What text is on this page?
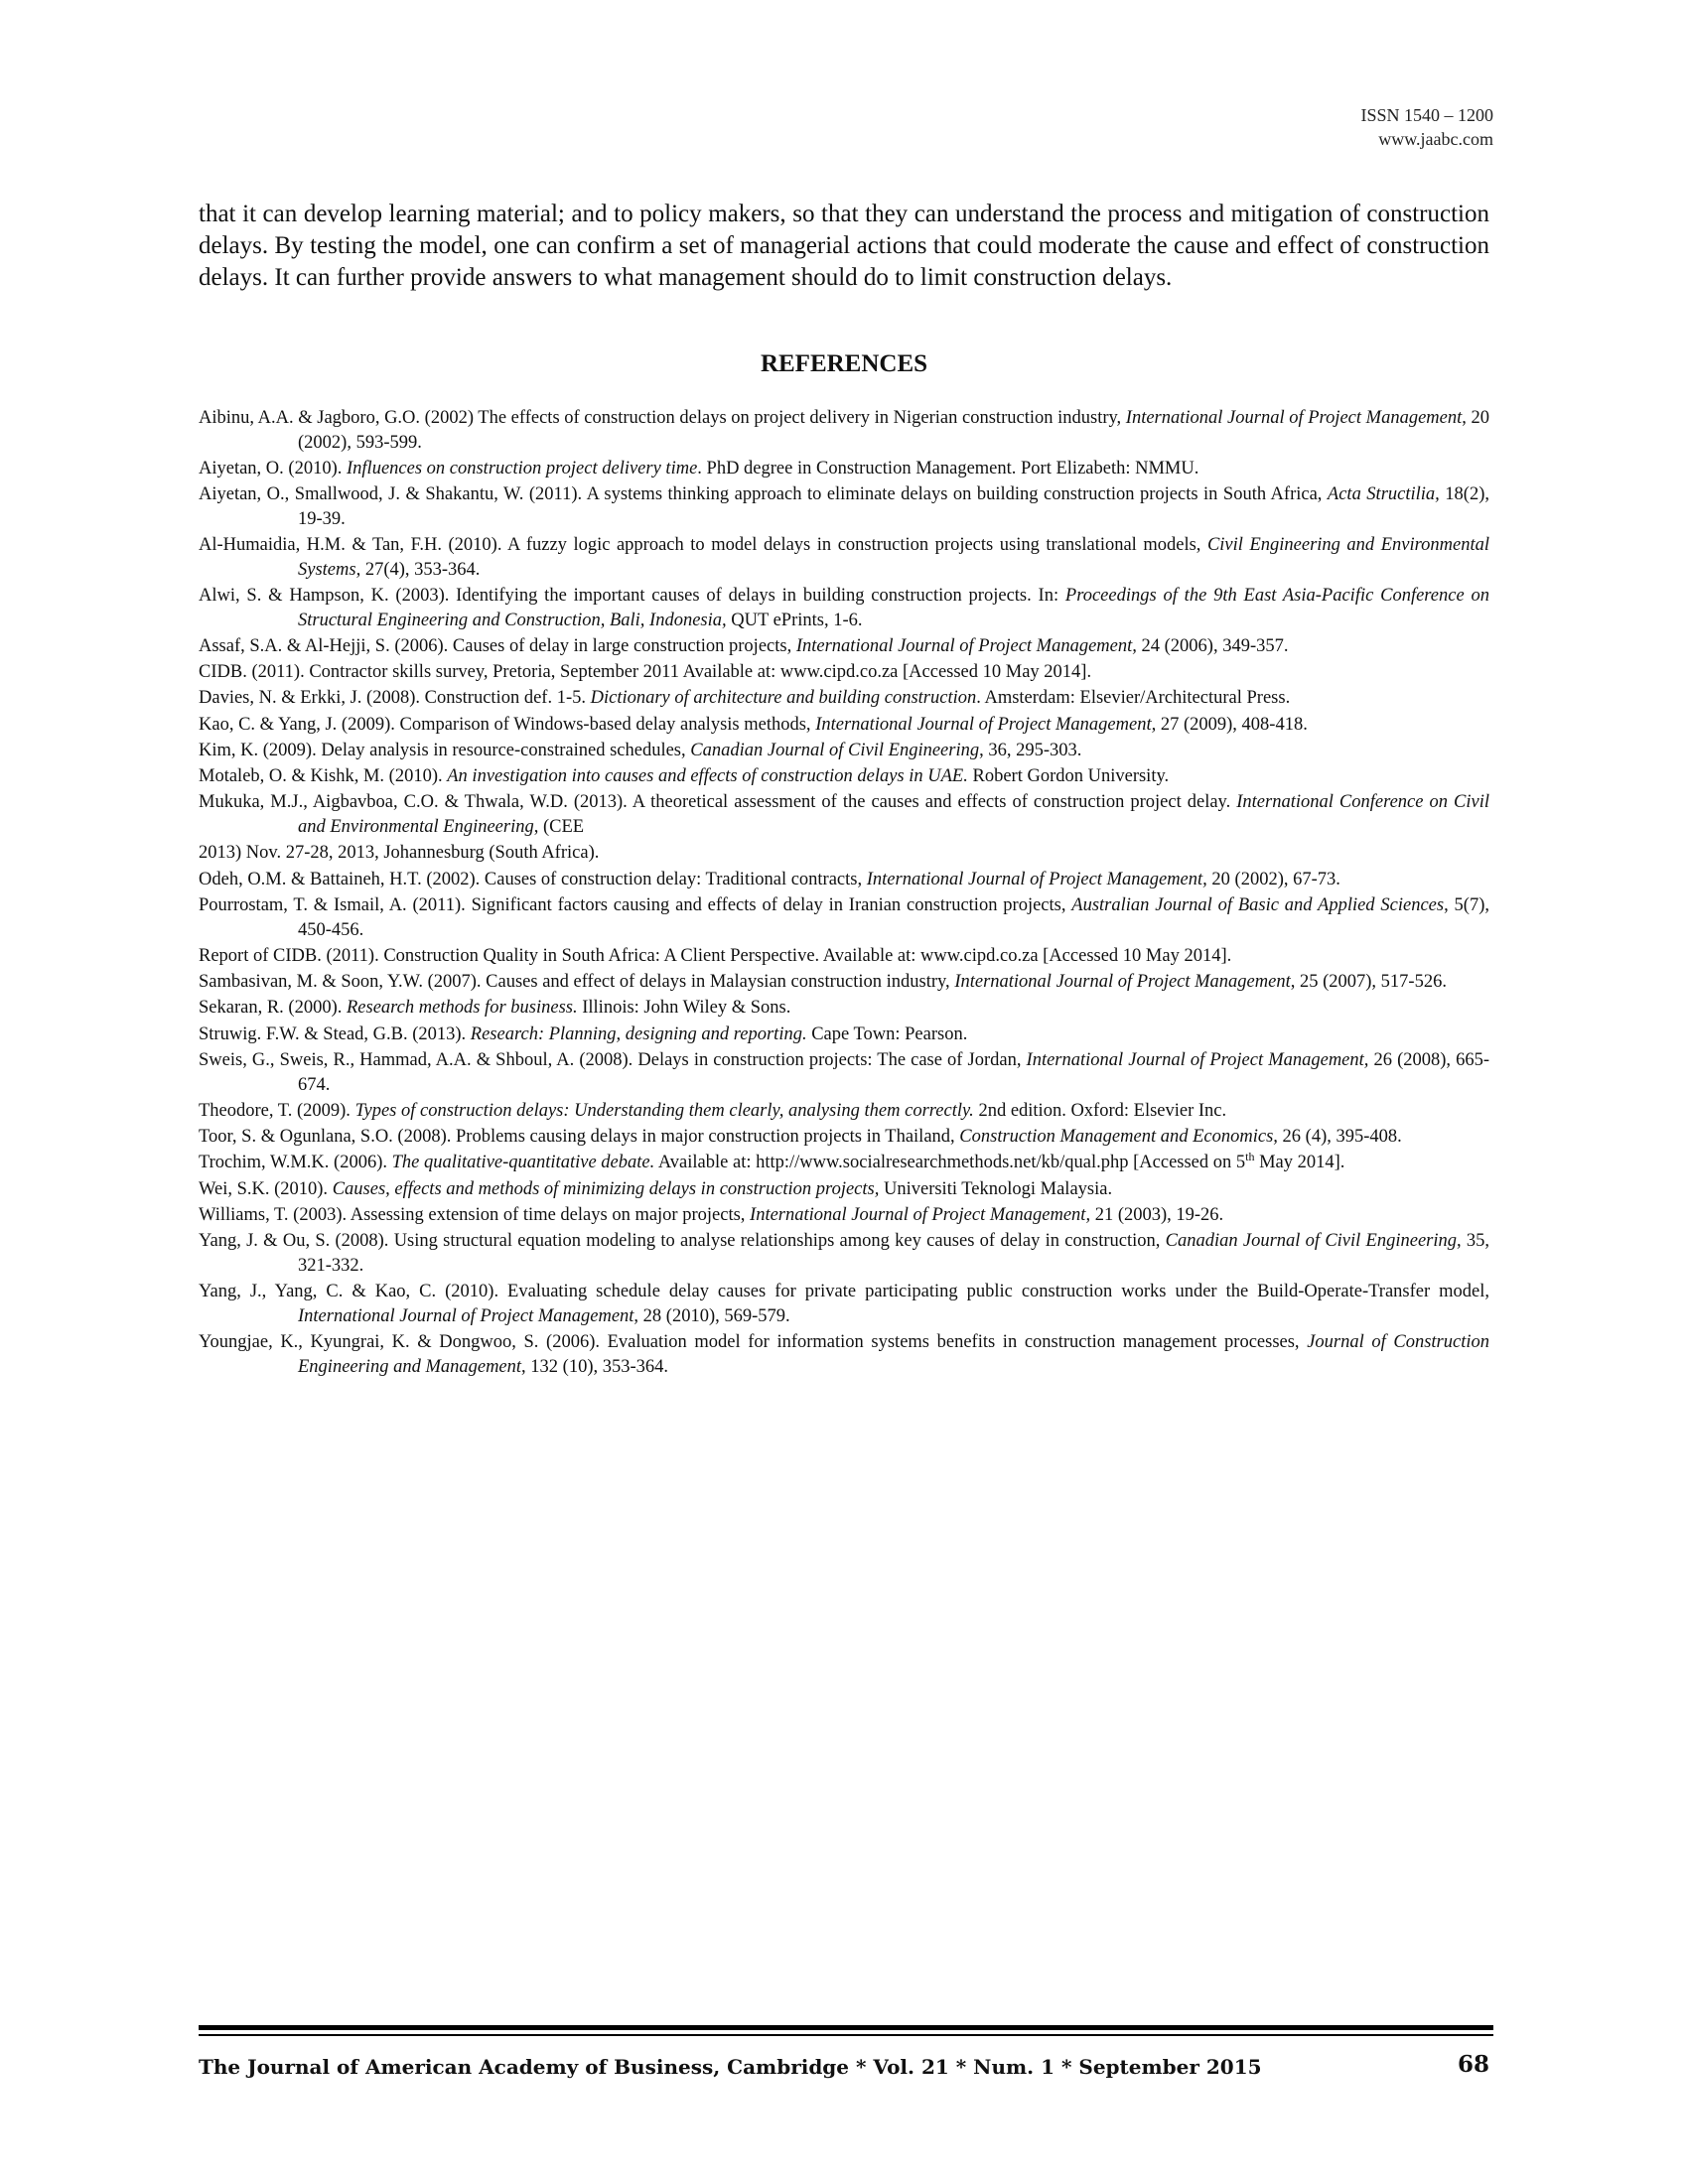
ISSN 1540 – 1200
www.jaabc.com
that it can develop learning material; and to policy makers, so that they can understand the process and mitigation of construction delays. By testing the model, one can confirm a set of managerial actions that could moderate the cause and effect of construction delays. It can further provide answers to what management should do to limit construction delays.
REFERENCES
Aibinu, A.A. & Jagboro, G.O. (2002) The effects of construction delays on project delivery in Nigerian construction industry, International Journal of Project Management, 20 (2002), 593-599.
Aiyetan, O. (2010). Influences on construction project delivery time. PhD degree in Construction Management. Port Elizabeth: NMMU.
Aiyetan, O., Smallwood, J. & Shakantu, W. (2011). A systems thinking approach to eliminate delays on building construction projects in South Africa, Acta Structilia, 18(2), 19-39.
Al-Humaidia, H.M. & Tan, F.H. (2010). A fuzzy logic approach to model delays in construction projects using translational models, Civil Engineering and Environmental Systems, 27(4), 353-364.
Alwi, S. & Hampson, K. (2003). Identifying the important causes of delays in building construction projects. In: Proceedings of the 9th East Asia-Pacific Conference on Structural Engineering and Construction, Bali, Indonesia, QUT ePrints, 1-6.
Assaf, S.A. & Al-Hejji, S. (2006). Causes of delay in large construction projects, International Journal of Project Management, 24 (2006), 349-357.
CIDB. (2011). Contractor skills survey, Pretoria, September 2011 Available at: www.cipd.co.za [Accessed 10 May 2014].
Davies, N. & Erkki, J. (2008). Construction def. 1-5. Dictionary of architecture and building construction. Amsterdam: Elsevier/Architectural Press.
Kao, C. & Yang, J. (2009). Comparison of Windows-based delay analysis methods, International Journal of Project Management, 27 (2009), 408-418.
Kim, K. (2009). Delay analysis in resource-constrained schedules, Canadian Journal of Civil Engineering, 36, 295-303.
Motaleb, O. & Kishk, M. (2010). An investigation into causes and effects of construction delays in UAE. Robert Gordon University.
Mukuka, M.J., Aigbavboa, C.O. & Thwala, W.D. (2013). A theoretical assessment of the causes and effects of construction project delay. International Conference on Civil and Environmental Engineering, (CEE
2013) Nov. 27-28, 2013, Johannesburg (South Africa).
Odeh, O.M. & Battaineh, H.T. (2002). Causes of construction delay: Traditional contracts, International Journal of Project Management, 20 (2002), 67-73.
Pourrostam, T. & Ismail, A. (2011). Significant factors causing and effects of delay in Iranian construction projects, Australian Journal of Basic and Applied Sciences, 5(7), 450-456.
Report of CIDB. (2011). Construction Quality in South Africa: A Client Perspective. Available at: www.cipd.co.za [Accessed 10 May 2014].
Sambasivan, M. & Soon, Y.W. (2007). Causes and effect of delays in Malaysian construction industry, International Journal of Project Management, 25 (2007), 517-526.
Sekaran, R. (2000). Research methods for business. Illinois: John Wiley & Sons.
Struwig. F.W. & Stead, G.B. (2013). Research: Planning, designing and reporting. Cape Town: Pearson.
Sweis, G., Sweis, R., Hammad, A.A. & Shboul, A. (2008). Delays in construction projects: The case of Jordan, International Journal of Project Management, 26 (2008), 665-674.
Theodore, T. (2009). Types of construction delays: Understanding them clearly, analysing them correctly. 2nd edition. Oxford: Elsevier Inc.
Toor, S. & Ogunlana, S.O. (2008). Problems causing delays in major construction projects in Thailand, Construction Management and Economics, 26 (4), 395-408.
Trochim, W.M.K. (2006). The qualitative-quantitative debate. Available at: http://www.socialresearchmethods.net/kb/qual.php [Accessed on 5th May 2014].
Wei, S.K. (2010). Causes, effects and methods of minimizing delays in construction projects, Universiti Teknologi Malaysia.
Williams, T. (2003). Assessing extension of time delays on major projects, International Journal of Project Management, 21 (2003), 19-26.
Yang, J. & Ou, S. (2008). Using structural equation modeling to analyse relationships among key causes of delay in construction, Canadian Journal of Civil Engineering, 35, 321-332.
Yang, J., Yang, C. & Kao, C. (2010). Evaluating schedule delay causes for private participating public construction works under the Build-Operate-Transfer model, International Journal of Project Management, 28 (2010), 569-579.
Youngjae, K., Kyungrai, K. & Dongwoo, S. (2006). Evaluation model for information systems benefits in construction management processes, Journal of Construction Engineering and Management, 132 (10), 353-364.
The Journal of American Academy of Business, Cambridge * Vol. 21 * Num. 1 * September 2015	68
